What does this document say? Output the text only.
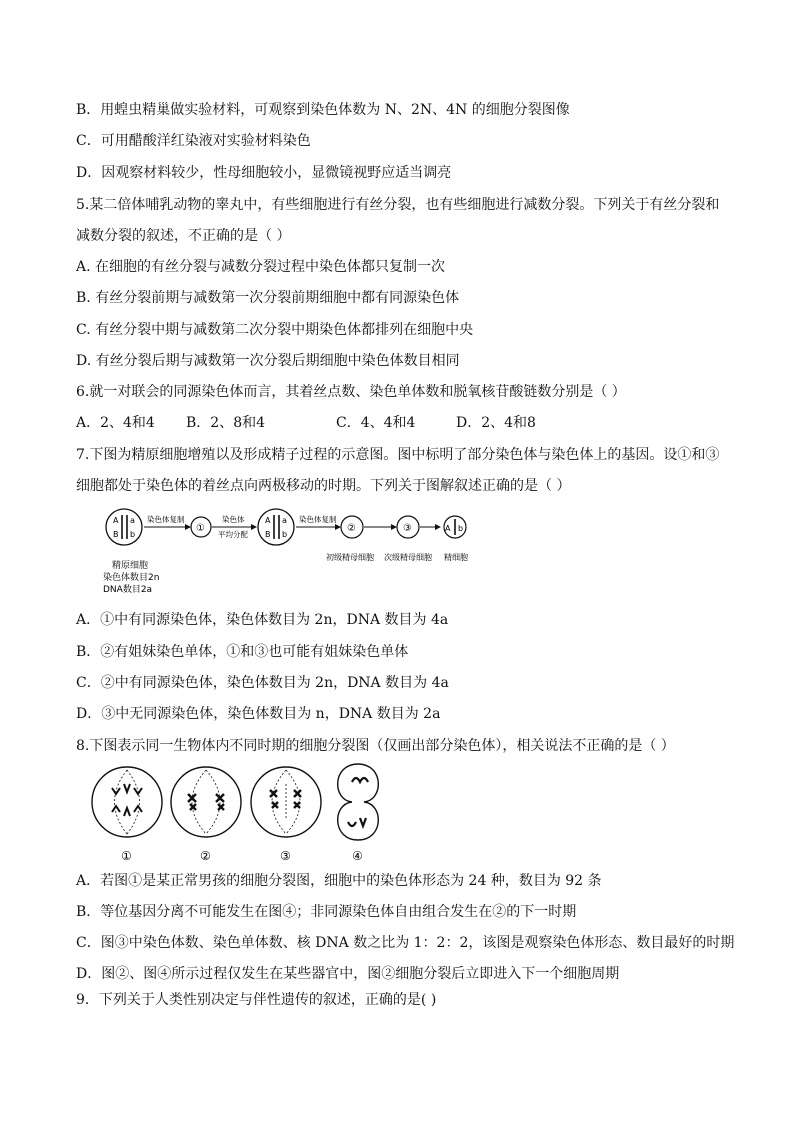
B．用蝗虫精巢做实验材料，可观察到染色体数为 N、2N、4N 的细胞分裂图像
C．可用醋酸洋红染液对实验材料染色
D．因观察材料较少，性母细胞较小，显微镜视野应适当调亮
5.某二倍体哺乳动物的睾丸中，有些细胞进行有丝分裂，也有些细胞进行减数分裂。下列关于有丝分裂和
减数分裂的叙述，不正确的是（ ）
A. 在细胞的有丝分裂与减数分裂过程中染色体都只复制一次
B. 有丝分裂前期与减数第一次分裂前期细胞中都有同源染色体
C. 有丝分裂中期与减数第二次分裂中期染色体都排列在细胞中央
D. 有丝分裂后期与减数第一次分裂后期细胞中染色体数目相同
6.就一对联会的同源染色体而言，其着丝点数、染色单体数和脱氧核苷酸链数分别是（ ）
A．2、4和4 B．2、8和4	C．4、4和4	D．2、4和8
7.下图为精原细胞增殖以及形成精子过程的示意图。图中标明了部分染色体与染色体上的基因。设①和③
细胞都处于染色体的着丝点向两极移动的时期。下列关于图解叙述正确的是（ ）
A a
B b
染色体复制
①
染色体
平均分配
A a
B b
染色体复制
②	③	A b
初级精母细胞 次级精母细胞 精细胞
精原细胞
染色体数目2n
DNA数目2a
A．①中有同源染色体，染色体数目为 2n，DNA 数目为 4a
B．②有姐妹染色单体，①和③也可能有姐妹染色单体
C．②中有同源染色体，染色体数目为 2n，DNA 数目为 4a
D．③中无同源染色体，染色体数目为 n，DNA 数目为 2a
8.下图表示同一生物体内不同时期的细胞分裂图（仅画出部分染色体），相关说法不正确的是（ ）
①	②	③	④
A．若图①是某正常男孩的细胞分裂图，细胞中的染色体形态为 24 种，数目为 92 条
B．等位基因分离不可能发生在图④；非同源染色体自由组合发生在②的下一时期
C．图③中染色体数、染色单体数、核 DNA 数之比为 1：2：2，该图是观察染色体形态、数目最好的时期
D．图②、图④所示过程仅发生在某些器官中，图②细胞分裂后立即进入下一个细胞周期
9．下列关于人类性别决定与伴性遗传的叙述，正确的是( )
